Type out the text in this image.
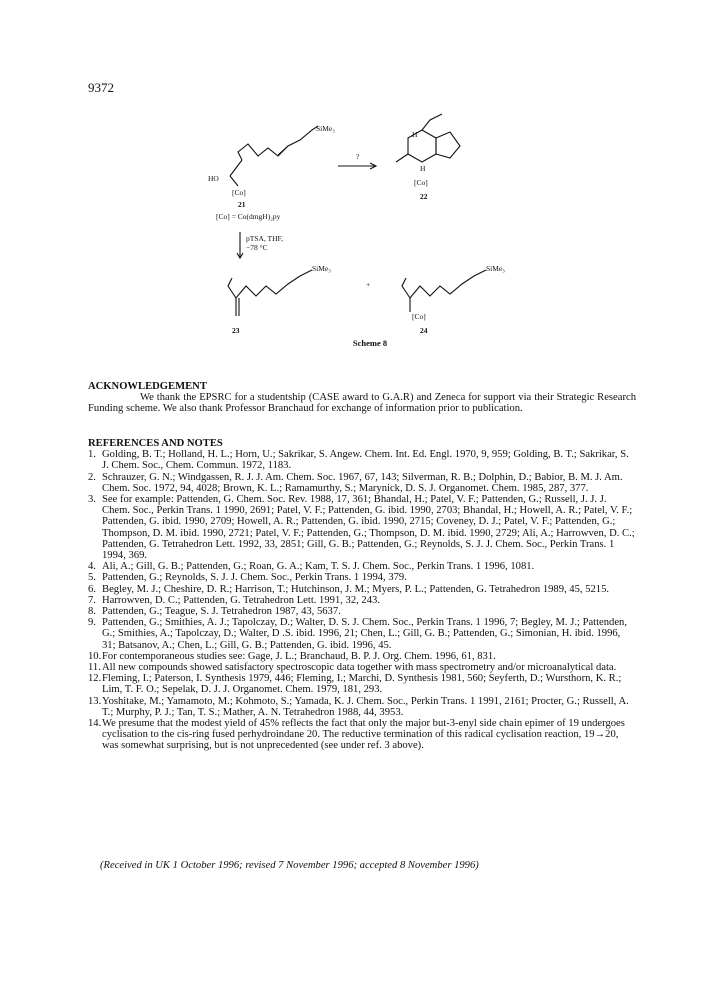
9372
SiMe₃
HO
[Co]
21
[Co] = Co(dmgH)₂py
?
H
H
[Co]
22
pTSA, THF,
−78 °C
SiMe₃
+
SiMe₃
[Co]
23	24
Scheme 8
ACKNOWLEDGEMENT

We thank the EPSRC for a studentship (CASE award to G.A.R) and Zeneca for support via their Strategic Research Funding scheme. We also thank Professor Branchaud for exchange of information prior to publication.

REFERENCES AND NOTES
1. Golding, B. T.; Holland, H. L.; Horn, U.; Sakrikar, S. Angew. Chem. Int. Ed. Engl. 1970, 9, 959; Golding, B. T.; Sakrikar, S. J. Chem. Soc., Chem. Commun. 1972, 1183.
2. Schrauzer, G. N.; Windgassen, R. J. J. Am. Chem. Soc. 1967, 67, 143; Silverman, R. B.; Dolphin, D.; Babior, B. M. J. Am. Chem. Soc. 1972, 94, 4028; Brown, K. L.; Ramamurthy, S.; Marynick, D. S. J. Organomet. Chem. 1985, 287, 377.
3. See for example: Pattenden, G. Chem. Soc. Rev. 1988, 17, 361; Bhandal, H.; Patel, V. F.; Pattenden, G.; Russell, J. J. J. Chem. Soc., Perkin Trans. 1 1990, 2691; Patel, V. F.; Pattenden, G. ibid. 1990, 2703; Bhandal, H.; Howell, A. R.; Patel, V. F.; Pattenden, G. ibid. 1990, 2709; Howell, A. R.; Pattenden, G. ibid. 1990, 2715; Coveney, D. J.; Patel, V. F.; Pattenden, G.; Thompson, D. M. ibid. 1990, 2721; Patel, V. F.; Pattenden, G.; Thompson, D. M. ibid. 1990, 2729; Ali, A.; Harrowven, D. C.; Pattenden, G. Tetrahedron Lett. 1992, 33, 2851; Gill, G. B.; Pattenden, G.; Reynolds, S. J. J. Chem. Soc., Perkin Trans. 1 1994, 369.
4. Ali, A.; Gill, G. B.; Pattenden, G.; Roan, G. A.; Kam, T. S. J. Chem. Soc., Perkin Trans. 1 1996, 1081.
5. Pattenden, G.; Reynolds, S. J. J. Chem. Soc., Perkin Trans. 1 1994, 379.
6. Begley, M. J.; Cheshire, D. R.; Harrison, T.; Hutchinson, J. M.; Myers, P. L.; Pattenden, G. Tetrahedron 1989, 45, 5215.
7. Harrowven, D. C.; Pattenden, G. Tetrahedron Lett. 1991, 32, 243.
8. Pattenden, G.; Teague, S. J. Tetrahedron 1987, 43, 5637.
9. Pattenden, G.; Smithies, A. J.; Tapolczay, D.; Walter, D. S. J. Chem. Soc., Perkin Trans. 1 1996, 7; Begley, M. J.; Pattenden, G.; Smithies, A.; Tapolczay, D.; Walter, D .S. ibid. 1996, 21; Chen, L.; Gill, G. B.; Pattenden, G.; Simonian, H. ibid. 1996, 31; Batsanov, A.; Chen, L.; Gill, G. B.; Pattenden, G. ibid. 1996, 45.
10. For contemporaneous studies see: Gage, J. L.; Branchaud, B. P. J. Org. Chem. 1996, 61, 831.
11. All new compounds showed satisfactory spectroscopic data together with mass spectrometry and/or microanalytical data.
12. Fleming, I.; Paterson, I. Synthesis 1979, 446; Fleming, I.; Marchi, D. Synthesis 1981, 560; Seyferth, D.; Wursthorn, K. R.; Lim, T. F. O.; Sepelak, D. J. J. Organomet. Chem. 1979, 181, 293.
13. Yoshitake, M.; Yamamoto, M.; Kohmoto, S.; Yamada, K. J. Chem. Soc., Perkin Trans. 1 1991, 2161; Procter, G.; Russell, A. T.; Murphy, P. J.; Tan, T. S.; Mather, A. N. Tetrahedron 1988, 44, 3953.
14. We presume that the modest yield of 45% reflects the fact that only the major but-3-enyl side chain epimer of 19 undergoes cyclisation to the cis-ring fused perhydroindane 20. The reductive termination of this radical cyclisation reaction, 19→20, was somewhat surprising, but is not unprecedented (see under ref. 3 above).
(Received in UK 1 October 1996; revised 7 November 1996; accepted 8 November 1996)
